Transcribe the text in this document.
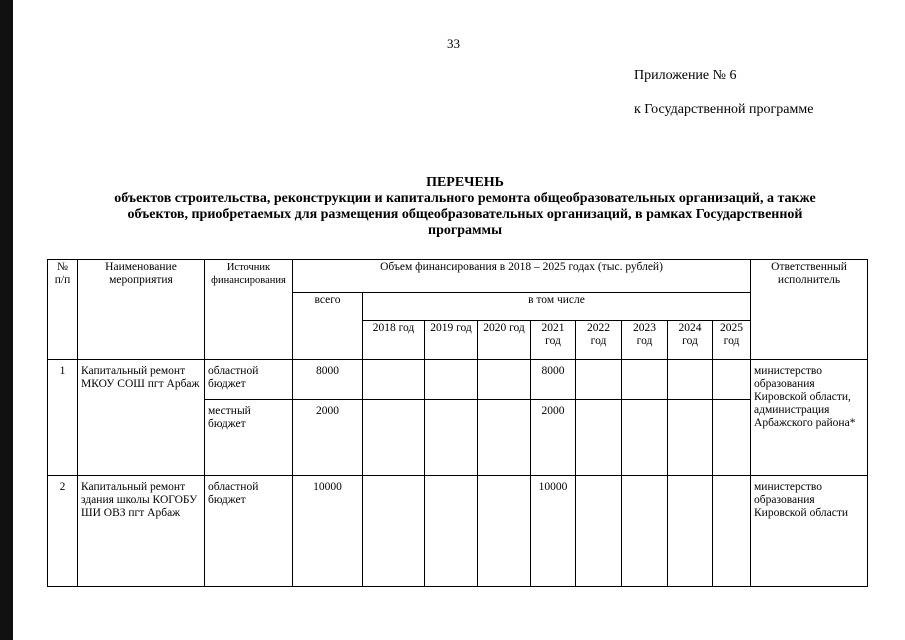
33
Приложение № 6
к Государственной программе
ПЕРЕЧЕНЬ
объектов строительства, реконструкции и капитального ремонта общеобразовательных организаций, а также
объектов, приобретаемых для размещения общеобразовательных организаций, в рамках Государственной
программы
№ п/п	Наименование мероприятия	Источник финансирования	Объем финансирования в 2018 – 2025 годах (тыс. рублей)									Ответственный исполнитель
			всего	в том числе								
				2018 год	2019 год	2020 год	2021 год	2022 год	2023 год	2024 год	2025 год	
1	Капитальный ремонт МКОУ СОШ пгт Арбаж	областной бюджет	8000				8000					министерство образования Кировской области, администрация Арбажского района*
		местный бюджет	2000				2000					
2	Капитальный ремонт здания школы КОГОБУ ШИ ОВЗ пгт Арбаж	областной бюджет	10000				10000					министерство образования Кировской области
